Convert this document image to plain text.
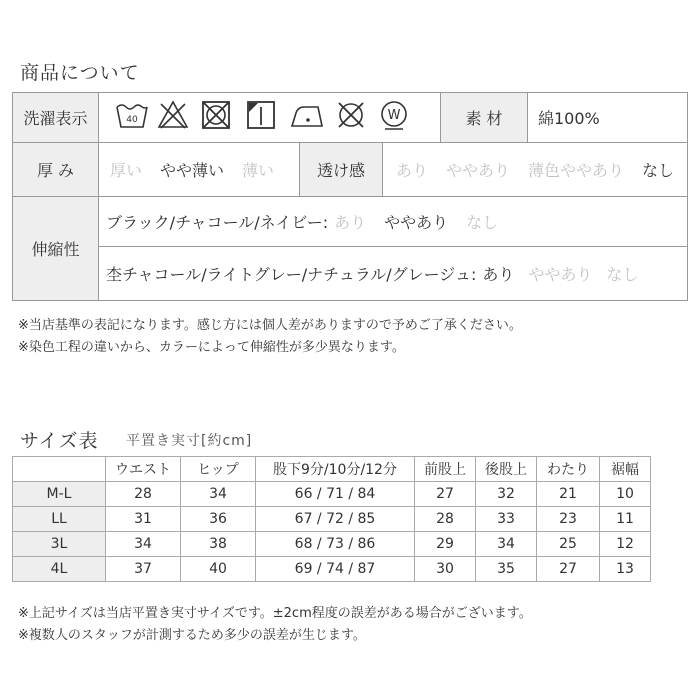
商品について
洗濯表示	40	W	素 材	綿100%
厚 み	厚い やや薄い 薄い	透け感	あり ややあり 薄色ややあり なし
伸縮性
ブラック/チャコール/ネイビー: あり ややあり なし
杢チャコール/ライトグレー/ナチュラル/グレージュ: あり ややあり なし
※当店基準の表記になります。感じ方には個人差がありますので予めご了承ください。
※染色工程の違いから、カラーによって伸縮性が多少異なります。
サイズ表 平置き実寸[約cm]
	ウエスト	ヒップ	股下9分/10分/12分	前股上	後股上	わたり	裾幅
M-L	28	34	66 / 71 / 84	27	32	21	10
LL	31	36	67 / 72 / 85	28	33	23	11
3L	34	38	68 / 73 / 86	29	34	25	12
4L	37	40	69 / 74 / 87	30	35	27	13
※上記サイズは当店平置き実寸サイズです。±2cm程度の誤差がある場合がございます。
※複数人のスタッフが計測するため多少の誤差が生じます。
